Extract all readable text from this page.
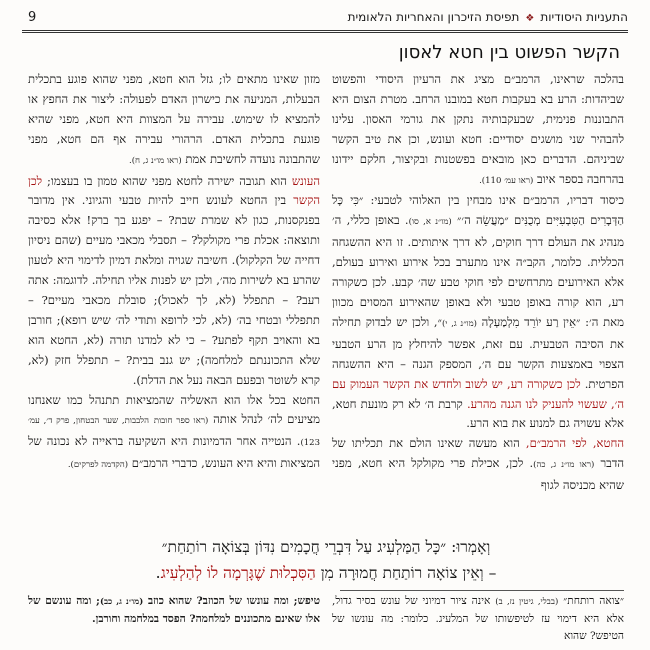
התעניות היסודיות❖תפיסת הזיכרון והאחריות הלאומית
9
הקשר הפשוט בין חטא לאסון

בהלכה שראינו, הרמב״ם מציג את הרעיון היסודי והפשוט שביהדות: הרע בא בעקבות חטא במובנו הרחב. מטרת הצום היא התבוננות פנימית, שבעקבותיה נתקן את גורמי האסון. עלינו להבהיר שני מושגים יסודיים: חטא ועונש, וכן את טיב הקשר שביניהם. הדברים כאן מובאים בפשטנות ובקיצור, חלקם יידונו בהרחבה בספר איוב (ראו עמ׳ 110).

כיסוד דבריו, הרמב״ם אינו מבחין בין האלוהי לטבעי: ״כִּי כָּל הַדְּבָרִים הַטִּבְעִיִּים מְכֻנִּים ״מַעֲשֵׂה ה׳״ (מו״נ א, סו). באופן כללי, ה׳ מנהיג את העולם דרך חוקים, לא דרך איתותים. זו היא ההשגחה הכללית. כלומר, הקב״ה אינו מתערב בכל אירוע ואירוע בעולם, אלא האירועים מתרחשים לפי חוקי טבע שה׳ קבע. לכן כשקורה רע, הוא קורה באופן טבעי ולא באופן שהאירוע המסוים מכוון מאת ה׳: ״אֵין רַע יוֹרֵד מִלְמַעְלָה (מו״נ ג, י)״, ולכן יש לבדוק תחילה את הסיבה הטבעית. עם זאת, אפשר להיחלץ מן הרע הטבעי הצפוי באמצעות הקשר עם ה׳, המספק הגנה – היא ההשגחה הפרטית. לכן כשקורה רע, יש לשוב ולחדש את הקשר העמוק עם ה׳, שעשוי להעניק לנו הגנה מהרע. קרבת ה׳ לא רק מונעת חטא, אלא עשויה גם למנוע את בוא הרע.

החטא, לפי הרמב״ם, הוא מעשה שאינו הולם את תכליתו של הדבר (ראו מו״נ ג, כה). לכן, אכילת פרי מקולקל היא חטא, מפני שהיא מכניסה לגוף

מזון שאינו מתאים לו; גזל הוא חטא, מפני שהוא פוגע בתכלית הבעלות, המניעה את כישרון האדם לפעולה: ליצור את החפץ או להמציא לו שימוש. עבירה על המצוות היא חטא, מפני שהיא פוגעת בתכלית האדם. הרהורי עבירה אף הם חטא, מפני שהתבונה נועדה לחשיבת אמת (ראו מו״נ ג, ח).

העונש הוא תגובה ישירה לחטא מפני שהוא טמון בו בעצמו; לכן הקשר בין החטא לעונש חייב להיות טבעי והגיוני. אין מדובר בפנקסנות, כגון לא שמרת שבת? – יפגע בך ברק! אלא כסיבה ותוצאה: אכלת פרי מקולקל? – תסבלי מכאבי מעיים (שהם ניסיון דחייה של הקלקול). חשיבה שגויה ומלאת דמיון לדימוי היא לטעון שהרע בא לשירות מה׳, ולכן יש לפנות אליו תחילה. לדוגמה: אתה רעב? – תתפלל (לא, לך לאכול); סובלת מכאבי מעיים? – תתפללי ובטחי בה׳ (לא, לכי לרופא ותודי לה׳ שיש רופא); חורבן בא והאויב תקף לפתע? – כי לא למדנו תורה (לא, החטא הוא שלא התכוננתם למלחמה); יש גנב בבית? – תתפלל חזק (לא, קרא לשוטר ובפעם הבאה נעל את הדלת).

החטא בכל אלו הוא האשליה שהמציאות תתנהל כמו שאנחנו מציעים לה׳ לנהל אותה (ראו ספר חובות הלבבות, שער הבטחון, פרק ד׳, עמ׳ 123). הנטייה אחר הדמיונות היא השקיעה בראייה לא נכונה של המציאות והיא היא העונש, כדברי הרמב״ם (הקדמה לפרקים).

וְאָמְרוּ: ״כָּל הַמַּלְעִיג עַל דִּבְרֵי חֲכָמִים נִדּוֹן בְּצוֹאָה רוֹתַחַת״
– וְאֵין צוֹאָה רוֹתַחַת חֲמוּרָה מִן הַסִּכְלוּת שֶׁגָּרְמָה לוֹ לְהַלְעִיג.

״צואה רותחת״ (בבלי, גיטין נז, ב) אינה ציור דמיוני של עונש בסיר גדול, אלא היא דימוי עז לטיפשותו של המלעיג. כלומר: מה עונשו של הטיפש? שהוא

טיפש; ומה עונשו של הכוזב? שהוא כוזב (מו״נ ג, כב); ומה עונשם של אלו שאינם מתכוננים למלחמה? הפסד במלחמה וחורבן.
